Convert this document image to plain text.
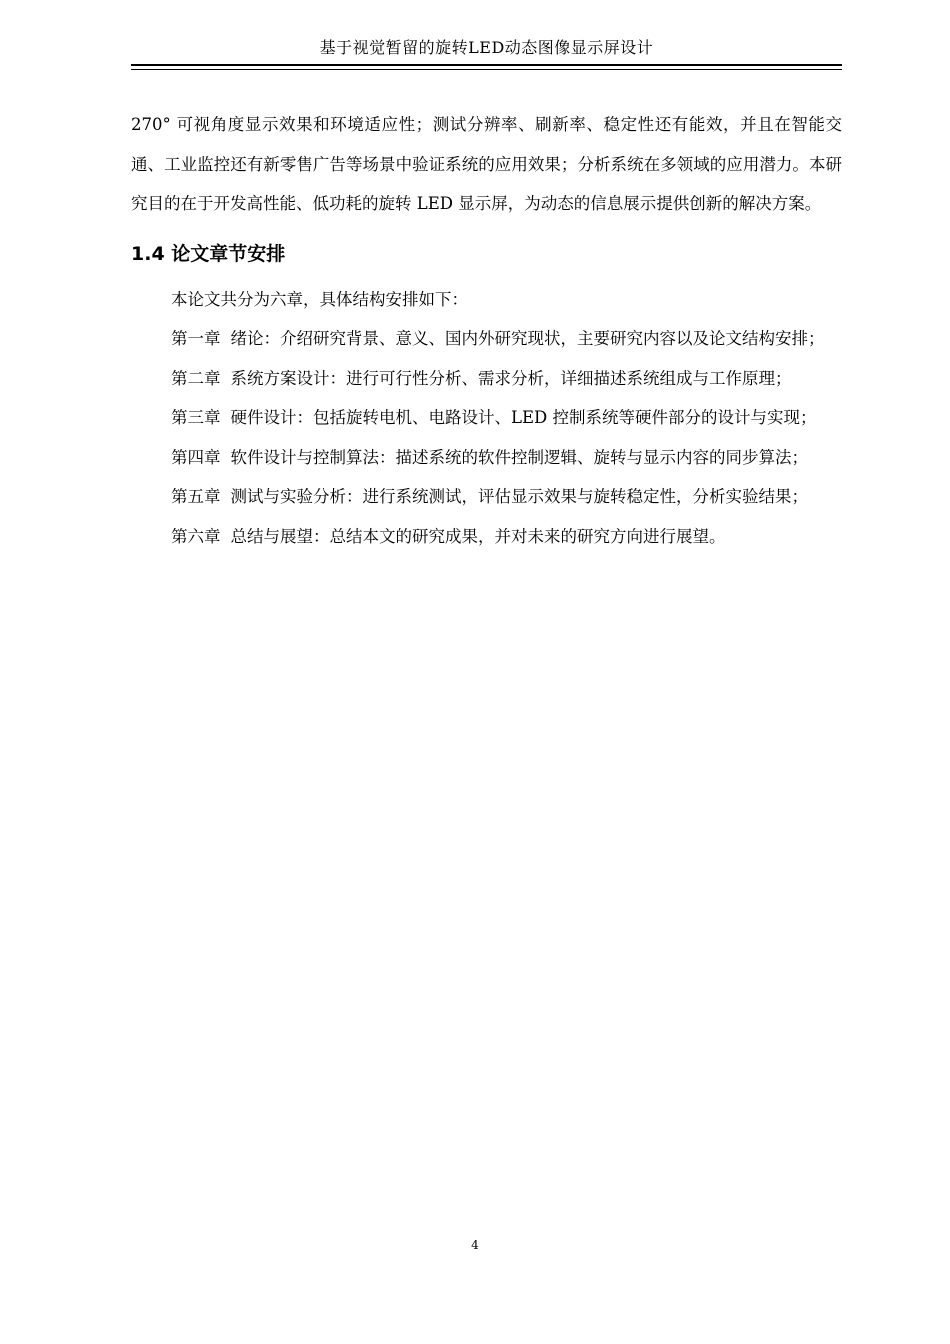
基于视觉暂留的旋转LED动态图像显示屏设计

270° 可视角度显示效果和环境适应性；测试分辨率、刷新率、稳定性还有能效，并且在智能交通、工业监控还有新零售广告等场景中验证系统的应用效果；分析系统在多领域的应用潜力。本研究目的在于开发高性能、低功耗的旋转 LED 显示屏，为动态的信息展示提供创新的解决方案。

1.4 论文章节安排

本论文共分为六章，具体结构安排如下：

第一章 绪论：介绍研究背景、意义、国内外研究现状，主要研究内容以及论文结构安排；

第二章 系统方案设计：进行可行性分析、需求分析，详细描述系统组成与工作原理；

第三章 硬件设计：包括旋转电机、电路设计、LED 控制系统等硬件部分的设计与实现；

第四章 软件设计与控制算法：描述系统的软件控制逻辑、旋转与显示内容的同步算法；

第五章 测试与实验分析：进行系统测试，评估显示效果与旋转稳定性，分析实验结果；

第六章 总结与展望：总结本文的研究成果，并对未来的研究方向进行展望。

4
